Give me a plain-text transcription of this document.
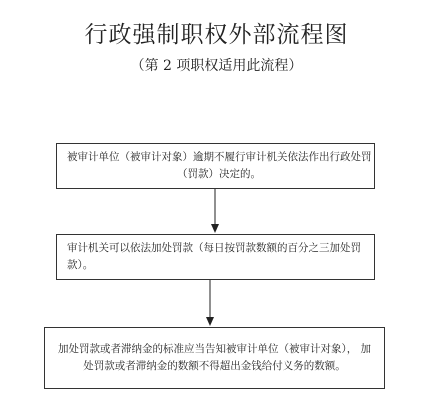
行政强制职权外部流程图
（第 2 项职权适用此流程）
被审计单位（被审计对象）逾期不履行审计机关依法作出行政处罚
（罚款）决定的。
审计机关可以依法加处罚款（每日按罚款数额的百分之三加处罚
款）。
加处罚款或者滞纳金的标准应当告知被审计单位（被审计对象）， 加
处罚款或者滞纳金的数额不得超出金钱给付义务的数额。
